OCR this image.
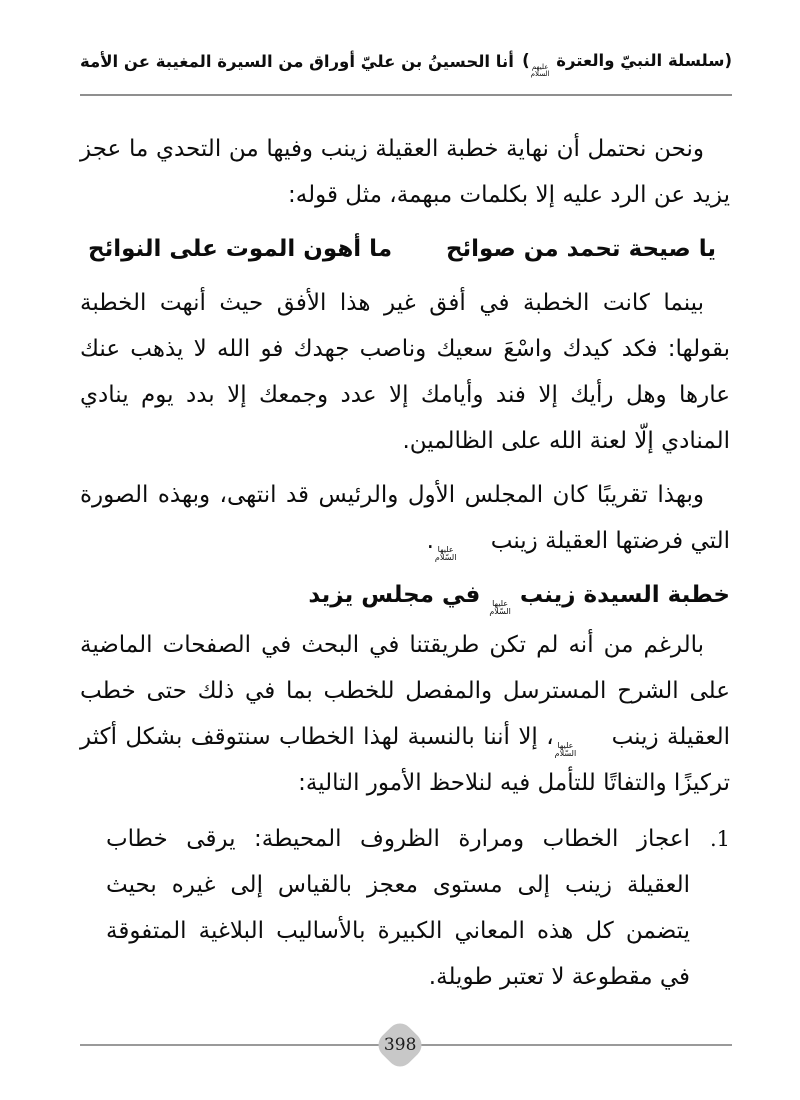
(سلسلة النبيّ والعترة
عليهم
السلام
)
أنا الحسينُ بن عليّ أوراق من السيرة المغيبة عن الأمة

ونحن نحتمل أن نهاية خطبة العقيلة زينب وفيها من التحدي ما عجز يزيد عن الرد عليه إلا بكلمات مبهمة، مثل قوله:

يا صيحة تحمد من صوائح
ما أهون الموت على النوائح

بينما كانت الخطبة في أفق غير هذا الأفق حيث أنهت الخطبة بقولها: فكد كيدك واسْعَ سعيك وناصب جهدك فو الله لا يذهب عنك عارها وهل رأيك إلا فند وأيامك إلا عدد وجمعك إلا بدد يوم ينادي المنادي إلّا لعنة الله على الظالمين.

وبهذا تقريبًا كان المجلس الأول والرئيس قد انتهى، وبهذه الصورة التي فرضتها العقيلة زينب
عليها
السّلام
.

خطبة السيدة زينب
عليها
السّلام
في مجلس يزيد

بالرغم من أنه لم تكن طريقتنا في البحث في الصفحات الماضية على الشرح المسترسل والمفصل للخطب بما في ذلك حتى خطب العقيلة زينب
عليها
السّلام
، إلا أننا بالنسبة لهذا الخطاب سنتوقف بشكل أكثر تركيزًا والتفاتًا للتأمل فيه لنلاحظ الأمور التالية:

1.
اعجاز الخطاب ومرارة الظروف المحيطة: يرقى خطاب العقيلة زينب إلى مستوى معجز بالقياس إلى غيره بحيث يتضمن كل هذه المعاني الكبيرة بالأساليب البلاغية المتفوقة في مقطوعة لا تعتبر طويلة.
398
